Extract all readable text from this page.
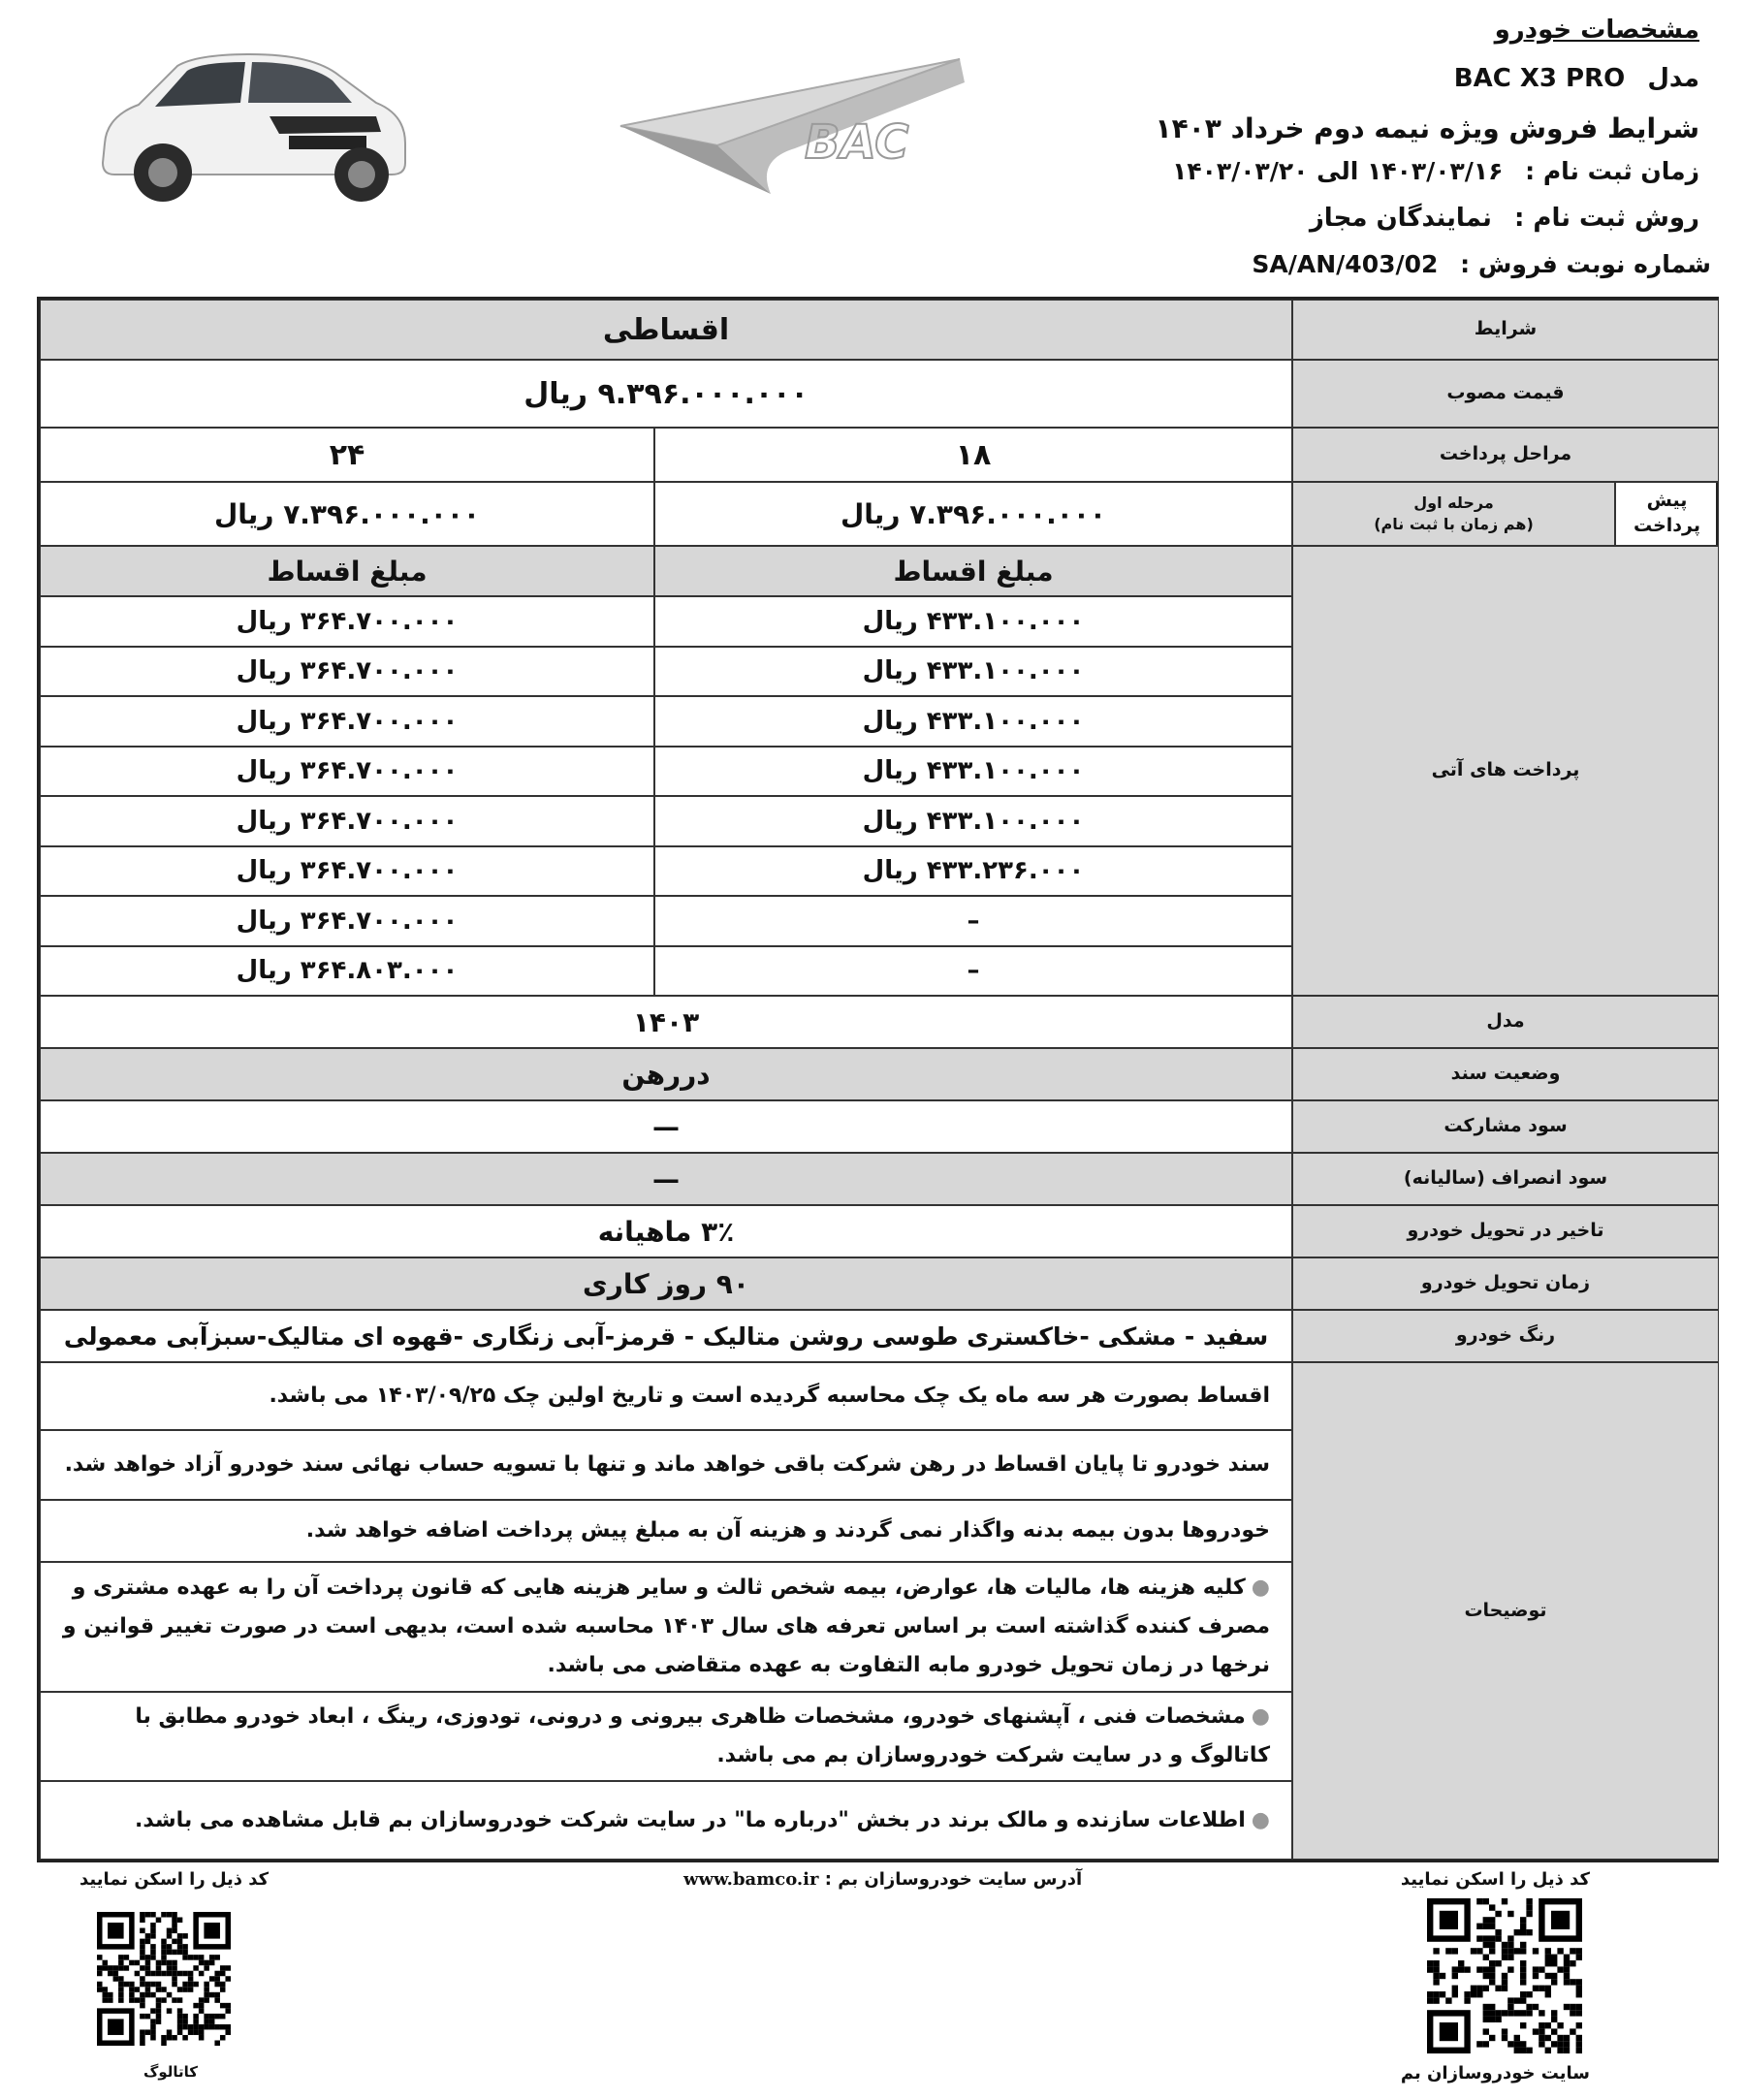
BAC
مشخصات خودرو
مدل BAC X3 PRO
شرایط فروش ویژه نیمه دوم خرداد ۱۴۰۳
زمان ثبت نام : ۱۴۰۳/۰۳/۱۶ الی ۱۴۰۳/۰۳/۲۰
روش ثبت نام : نمایندگان مجاز
شماره نوبت فروش : SA/AN/403/02
شرایط
اقساطی
قیمت مصوب
۹.۳۹۶.۰۰۰.۰۰۰ ریال
مراحل پرداخت
۱۸
۲۴
پیش پرداخت
مرحله اول
(هم زمان با ثبت نام)
۷.۳۹۶.۰۰۰.۰۰۰ ریال
۷.۳۹۶.۰۰۰.۰۰۰ ریال
پرداخت های آتی
مبلغ اقساط
مبلغ اقساط
۴۳۳.۱۰۰.۰۰۰ ریال
۳۶۴.۷۰۰.۰۰۰ ریال
۴۳۳.۱۰۰.۰۰۰ ریال
۳۶۴.۷۰۰.۰۰۰ ریال
۴۳۳.۱۰۰.۰۰۰ ریال
۳۶۴.۷۰۰.۰۰۰ ریال
۴۳۳.۱۰۰.۰۰۰ ریال
۳۶۴.۷۰۰.۰۰۰ ریال
۴۳۳.۱۰۰.۰۰۰ ریال
۳۶۴.۷۰۰.۰۰۰ ریال
۴۳۳.۲۳۶.۰۰۰ ریال
۳۶۴.۷۰۰.۰۰۰ ریال
–
۳۶۴.۷۰۰.۰۰۰ ریال
–
۳۶۴.۸۰۳.۰۰۰ ریال
مدل
۱۴۰۳
وضعیت سند
دررهن
سود مشارکت
—
سود انصراف (سالیانه)
—
تاخیر در تحویل خودرو
۳٪ ماهیانه
زمان تحویل خودرو
۹۰ روز کاری
رنگ خودرو
سفید - مشکی -خاکستری طوسی روشن متالیک - قرمز-آبی زنگاری -قهوه ای متالیک-سبزآبی معمولی
توضیحات
اقساط بصورت هر سه ماه یک چک محاسبه گردیده است و تاریخ اولین چک ۱۴۰۳/۰۹/۲۵ می باشد.
سند خودرو تا پایان اقساط در رهن شرکت باقی خواهد ماند و تنها با تسویه حساب نهائی سند خودرو آزاد خواهد شد.
خودروها بدون بیمه بدنه واگذار نمی گردند و هزینه آن به مبلغ پیش پرداخت اضافه خواهد شد.
●کلیه هزینه ها، مالیات ها، عوارض، بیمه شخص ثالث و سایر هزینه هایی که قانون پرداخت آن را به عهده مشتری و مصرف کننده گذاشته است بر اساس تعرفه های سال ۱۴۰۳ محاسبه شده است، بدیهی است در صورت تغییر قوانین و نرخها در زمان تحویل خودرو مابه التفاوت به عهده متقاضی می باشد.
●مشخصات فنی ، آپشنهای خودرو، مشخصات ظاهری بیرونی و درونی، تودوزی، رینگ ، ابعاد خودرو مطابق با کاتالوگ و در سایت شرکت خودروسازان بم می باشد.
●اطلاعات سازنده و مالک برند در بخش "درباره ما" در سایت شرکت خودروسازان بم قابل مشاهده می باشد.
کد ذیل را اسکن نمایید
آدرس سایت خودروسازان بم : www.bamco.ir
کد ذیل را اسکن نمایید
سایت خودروسازان بم
کاتالوگ
